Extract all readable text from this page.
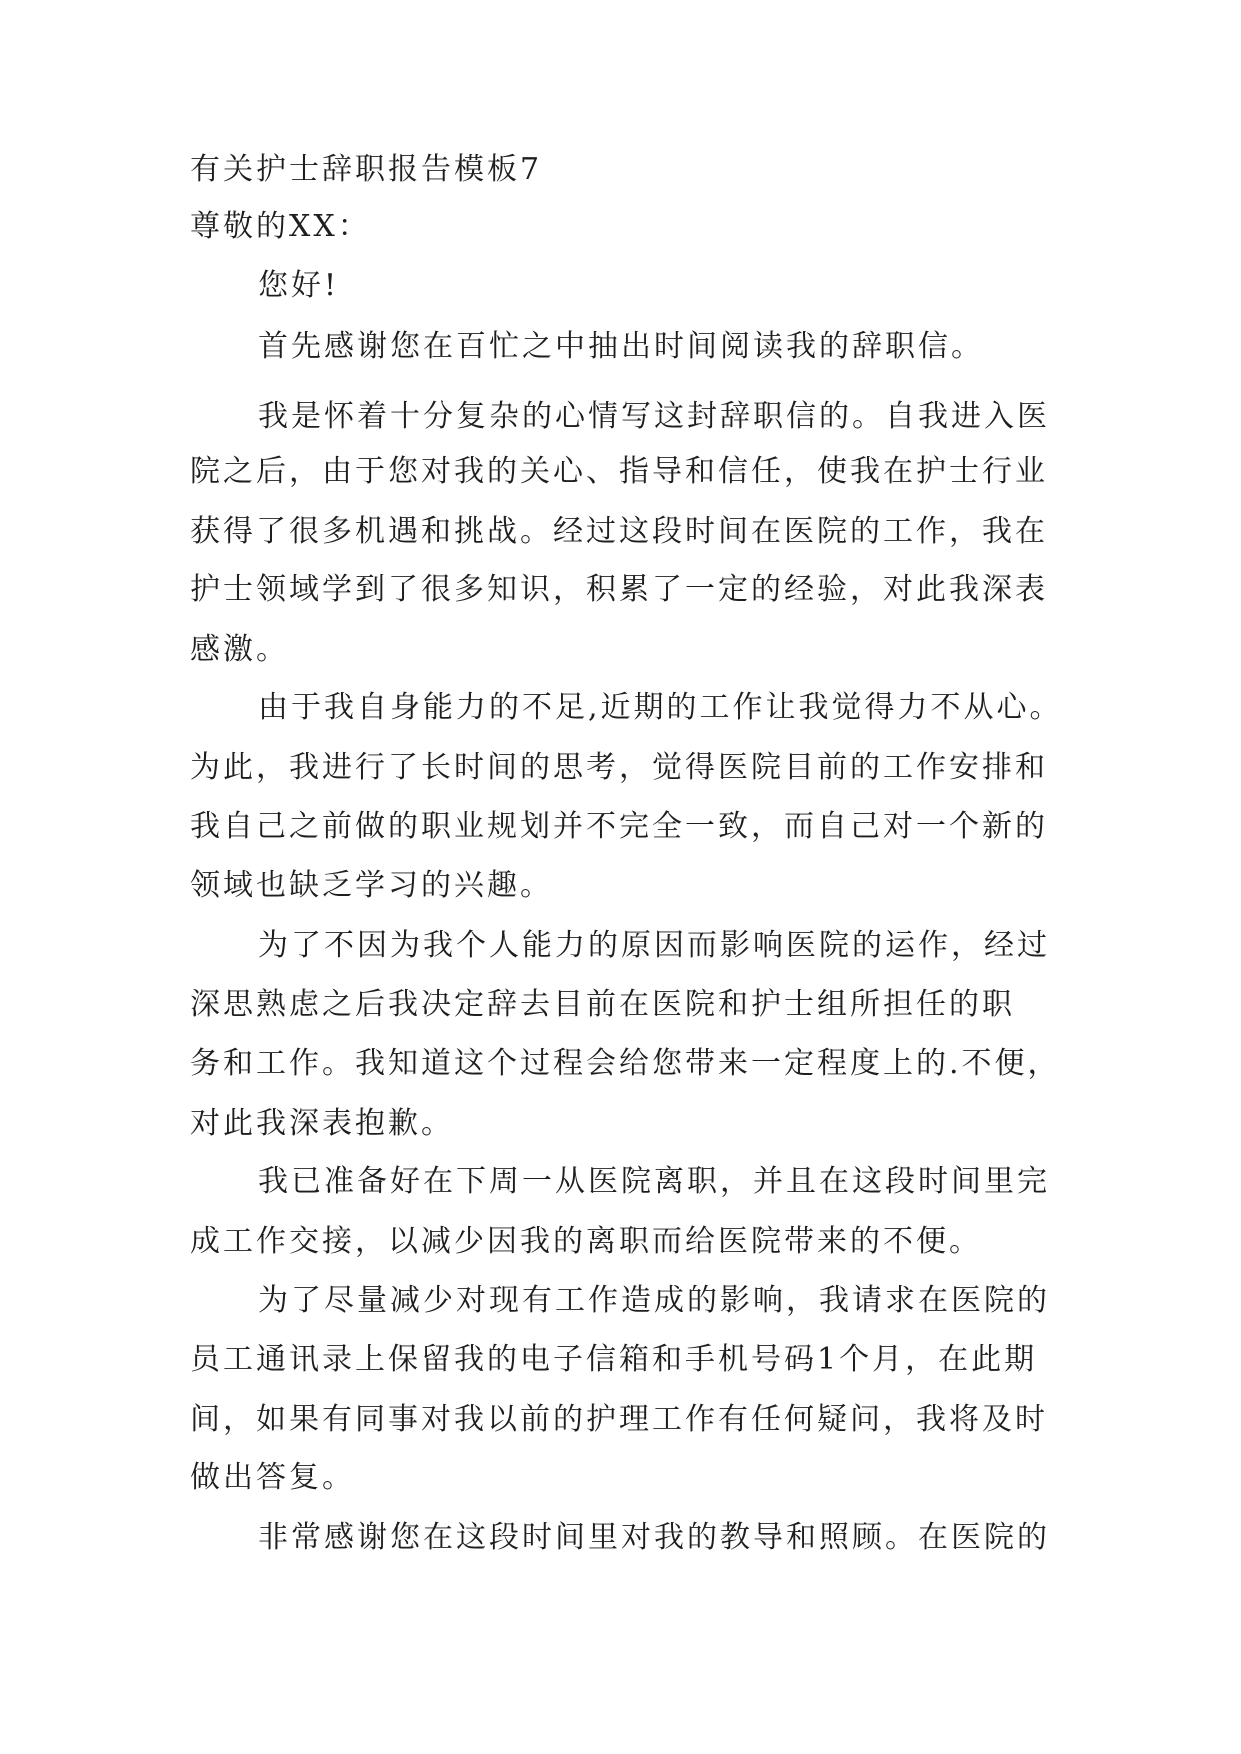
有关护士辞职报告模板7
尊敬的XX：
您好!
首先感谢您在百忙之中抽出时间阅读我的辞职信。
我是怀着十分复杂的心情写这封辞职信的。自我进入医
院之后，由于您对我的关心、指导和信任，使我在护士行业
获得了很多机遇和挑战。经过这段时间在医院的工作，我在
护士领域学到了很多知识，积累了一定的经验，对此我深表
感激。
由于我自身能力的不足,近期的工作让我觉得力不从心。
为此，我进行了长时间的思考，觉得医院目前的工作安排和
我自己之前做的职业规划并不完全一致，而自己对一个新的
领域也缺乏学习的兴趣。
为了不因为我个人能力的原因而影响医院的运作，经过
深思熟虑之后我决定辞去目前在医院和护士组所担任的职
务和工作。我知道这个过程会给您带来一定程度上的.不便，
对此我深表抱歉。
我已准备好在下周一从医院离职，并且在这段时间里完
成工作交接，以减少因我的离职而给医院带来的不便。
为了尽量减少对现有工作造成的影响，我请求在医院的
员工通讯录上保留我的电子信箱和手机号码1个月，在此期
间，如果有同事对我以前的护理工作有任何疑问，我将及时
做出答复。
非常感谢您在这段时间里对我的教导和照顾。在医院的
